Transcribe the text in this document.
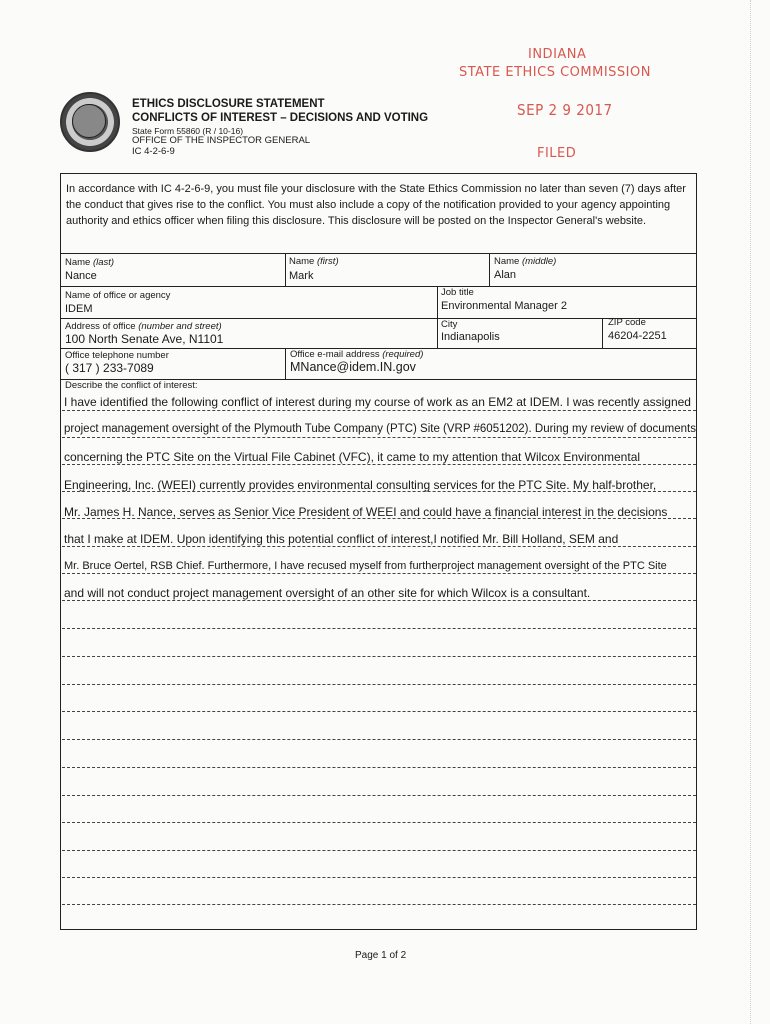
ETHICS DISCLOSURE STATEMENT
CONFLICTS OF INTEREST – DECISIONS AND VOTING
State Form 55860 (R / 10-16)
OFFICE OF THE INSPECTOR GENERAL
IC 4-2-6-9
INDIANA
STATE ETHICS COMMISSION
SEP 2 9 2017
FILED
In accordance with IC 4-2-6-9, you must file your disclosure with the State Ethics Commission no later than seven (7) days after the conduct that gives rise to the conflict. You must also include a copy of the notification provided to your agency appointing authority and ethics officer when filing this disclosure. This disclosure will be posted on the Inspector General's website.
Name (last)
Nance
Name (first)
Mark
Name (middle)
Alan
Name of office or agency
IDEM
Job title
Environmental Manager 2
Address of office (number and street)
100 North Senate Ave, N1101
City
Indianapolis
ZIP code
46204-2251
Office telephone number
( 317 ) 233-7089
Office e-mail address (required)
MNance@idem.IN.gov
Describe the conflict of interest:
I have identified the following conflict of interest during my course of work as an EM2 at IDEM. I was recently assigned
project management oversight of the Plymouth Tube Company (PTC) Site (VRP #6051202). During my review of documents
concerning the PTC Site on the Virtual File Cabinet (VFC), it came to my attention that Wilcox Environmental
Engineering, Inc. (WEEI) currently provides environmental consulting services for the PTC Site. My half-brother,
Mr. James H. Nance, serves as Senior Vice President of WEEI and could have a financial interest in the decisions
that I make at IDEM. Upon identifying this potential conflict of interest,I notified Mr. Bill Holland, SEM and
Mr. Bruce Oertel, RSB Chief. Furthermore, I have recused myself from furtherproject management oversight of the PTC Site
and will not conduct project management oversight of an other site for which Wilcox is a consultant.
Page 1 of 2
